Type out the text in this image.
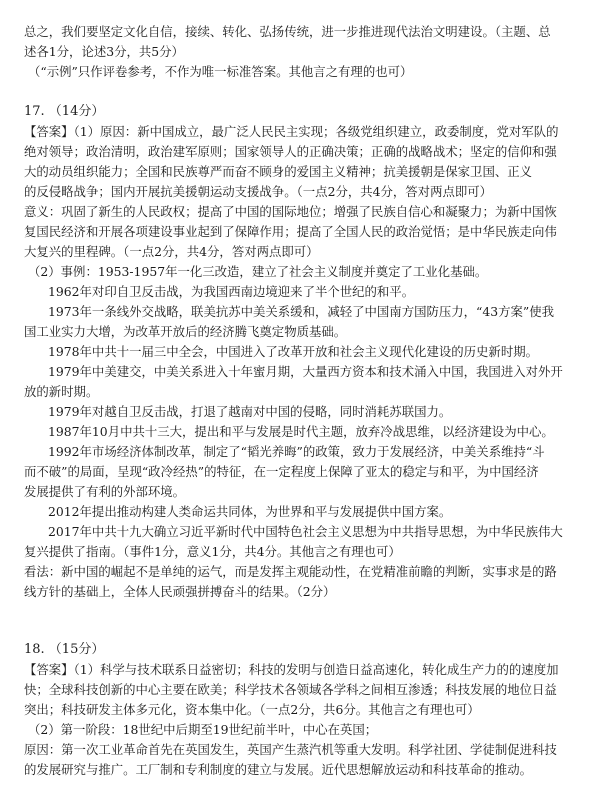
总之，我们要坚定文化自信，接续、转化、弘扬传统，进一步推进现代法治文明建设。（主题、总
述各1分，论述3分，共5分）
（“示例”只作评卷参考，不作为唯一标准答案。其他言之有理的也可）
17. （14分）
【答案】（1）原因：新中国成立，最广泛人民民主实现；各级党组织建立，政委制度，党对军队的
绝对领导；政治清明，政治建军原则；国家领导人的正确决策；正确的战略战术；坚定的信仰和强
大的动员组织能力；全国和民族尊严而奋不顾身的爱国主义精神；抗美援朝是保家卫国、正义
的反侵略战争；国内开展抗美援朝运动支援战争。（一点2分，共4分，答对两点即可）
意义：巩固了新生的人民政权；提高了中国的国际地位；增强了民族自信心和凝聚力；为新中国恢
复国民经济和开展各项建设事业起到了保障作用；提高了全国人民的政治觉悟；是中华民族走向伟
大复兴的里程碑。（一点2分，共4分，答对两点即可）
（2）事例：1953-1957年一化三改造，建立了社会主义制度并奠定了工业化基础。
1962年对印自卫反击战，为我国西南边境迎来了半个世纪的和平。
1973年一条线外交战略，联美抗苏中美关系缓和，减轻了中国南方国防压力，“43方案”使我
国工业实力大增，为改革开放后的经济腾飞奠定物质基础。
1978年中共十一届三中全会，中国进入了改革开放和社会主义现代化建设的历史新时期。
1979年中美建交，中美关系进入十年蜜月期，大量西方资本和技术涌入中国，我国进入对外开
放的新时期。
1979年对越自卫反击战，打退了越南对中国的侵略，同时消耗苏联国力。
1987年10月中共十三大，提出和平与发展是时代主题，放弃冷战思维，以经济建设为中心。
1992年市场经济体制改革，制定了“韬光养晦”的政策，致力于发展经济，中美关系维持“斗
而不破”的局面，呈现“政冷经热”的特征，在一定程度上保障了亚太的稳定与和平，为中国经济
发展提供了有利的外部环境。
2012年提出推动构建人类命运共同体，为世界和平与发展提供中国方案。
2017年中共十九大确立习近平新时代中国特色社会主义思想为中共指导思想，为中华民族伟大
复兴提供了指南。（事件1分，意义1分，共4分。其他言之有理也可）
看法：新中国的崛起不是单纯的运气，而是发挥主观能动性，在党精准前瞻的判断，实事求是的路
线方针的基础上，全体人民顽强拼搏奋斗的结果。（2分）
18. （15分）
【答案】（1）科学与技术联系日益密切；科技的发明与创造日益高速化，转化成生产力的的速度加
快；全球科技创新的中心主要在欧美；科学技术各领域各学科之间相互渗透；科技发展的地位日益
突出；科技研发主体多元化，资本集中化。（一点2分，共6分。其他言之有理也可）
（2）第一阶段：18世纪中后期至19世纪前半叶，中心在英国；
原因：第一次工业革命首先在英国发生，英国产生蒸汽机等重大发明。科学社团、学徒制促进科技
的发展研究与推广。工厂制和专利制度的建立与发展。近代思想解放运动和科技革命的推动。
